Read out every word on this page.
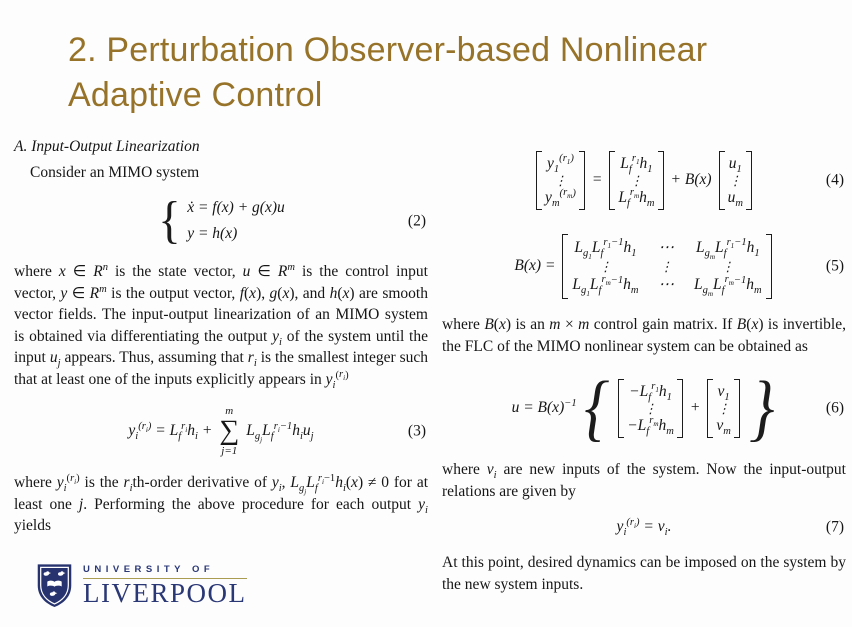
2. Perturbation Observer-based Nonlinear
Adaptive Control

A. Input-Output Linearization

Consider an MIMO system

{ ẋ = f(x) + g(x)u
y = h(x)
(2)

where x ∈ $R^n$ is the state vector, u ∈ $R^m$ is the control input vector, y ∈ $R^m$ is the output vector, f(x), g(x), and h(x) are smooth vector fields. The input-output linearization of an MIMO system is obtained via differentiating the output $y_i$ of the system until the input $u_j$ appears. Thus, assuming that $r_i$ is the smallest integer such that at least one of the inputs explicitly appears in $y_i^{(r_i)}$

$y_i^{(r_i)} = L_f^{r_i}h_i$ +
m
∑
j=1
$L_{g_j}L_f^{r_i-1}h_iu_j$	(3)

where $y_i^{(r_i)}$ is the $r_ith$-order derivative of $y_i$, $L_{g_j}L_f^{r_i-1}h_i(x) \ne 0$ for at least one j. Performing the above procedure for each output $y_i$ yields

$y_1^{(r_1)}$
⋮
$y_m^{(r_m)}$
=
$L_f^{r_1}h_1$
⋮
$L_f^{r_m}h_m$
+ B(x)
$u_1$
⋮
$u_m$
(4)
B(x) =
$L_{g_1}L_f^{r_1-1}h_1$ ⋯ $L_{g_m}L_f^{r_1-1}h_1$
⋮	⋮	⋮
$L_{g_1}L_f^{r_m-1}h_m$ ⋯ $L_{g_m}L_f^{r_m-1}h_m$
(5)

where B(x) is an m × m control gain matrix. If B(x) is invertible, the FLC of the MIMO nonlinear system can be obtained as

$u = B(x)^{-1}$ { $-L_f^{r_1}h_1$
⋮
$-L_f^{r_m}h_m$
+
$v_1$
⋮
$v_m$ }	(6)

where $v_i$ are new inputs of the system. Now the input-output relations are given by

$y_i^{(r_i)} = v_i$.	(7)

At this point, desired dynamics can be imposed on the system by the new system inputs.

UNIVERSITY OF
LIVERPOOL
